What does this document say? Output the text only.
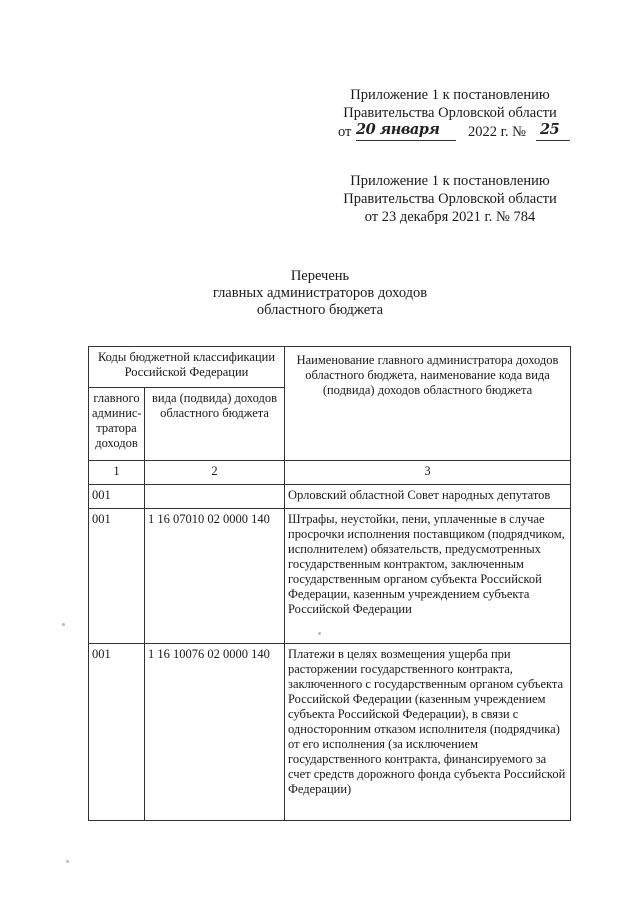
Приложение 1 к постановлению
Правительства Орловской области
от 20 января 2022 г. № 25
Приложение 1 к постановлению
Правительства Орловской области
от 23 декабря 2021 г. № 784
Перечень
главных администраторов доходов
областного бюджета
Коды бюджетной классификации Российской Федерации		Наименование главного администратора доходов областного бюджета, наименование кода вида (подвида) доходов областного бюджета
главного админис-тратора доходов	вида (подвида) доходов областного бюджета	
1	2	3
001		Орловский областной Совет народных депутатов
001	1 16 07010 02 0000 140	Штрафы, неустойки, пени, уплаченные в случае просрочки исполнения поставщиком (подрядчиком, исполнителем) обязательств, предусмотренных государственным контрактом, заключенным государственным органом субъекта Российской Федерации, казенным учреждением субъекта Российской Федерации
001	1 16 10076 02 0000 140	Платежи в целях возмещения ущерба при расторжении государственного контракта, заключенного с государственным органом субъекта Российской Федерации (казенным учреждением субъекта Российской Федерации), в связи с односторонним отказом исполнителя (подрядчика) от его исполнения (за исключением государственного контракта, финансируемого за счет средств дорожного фонда субъекта Российской Федерации)
